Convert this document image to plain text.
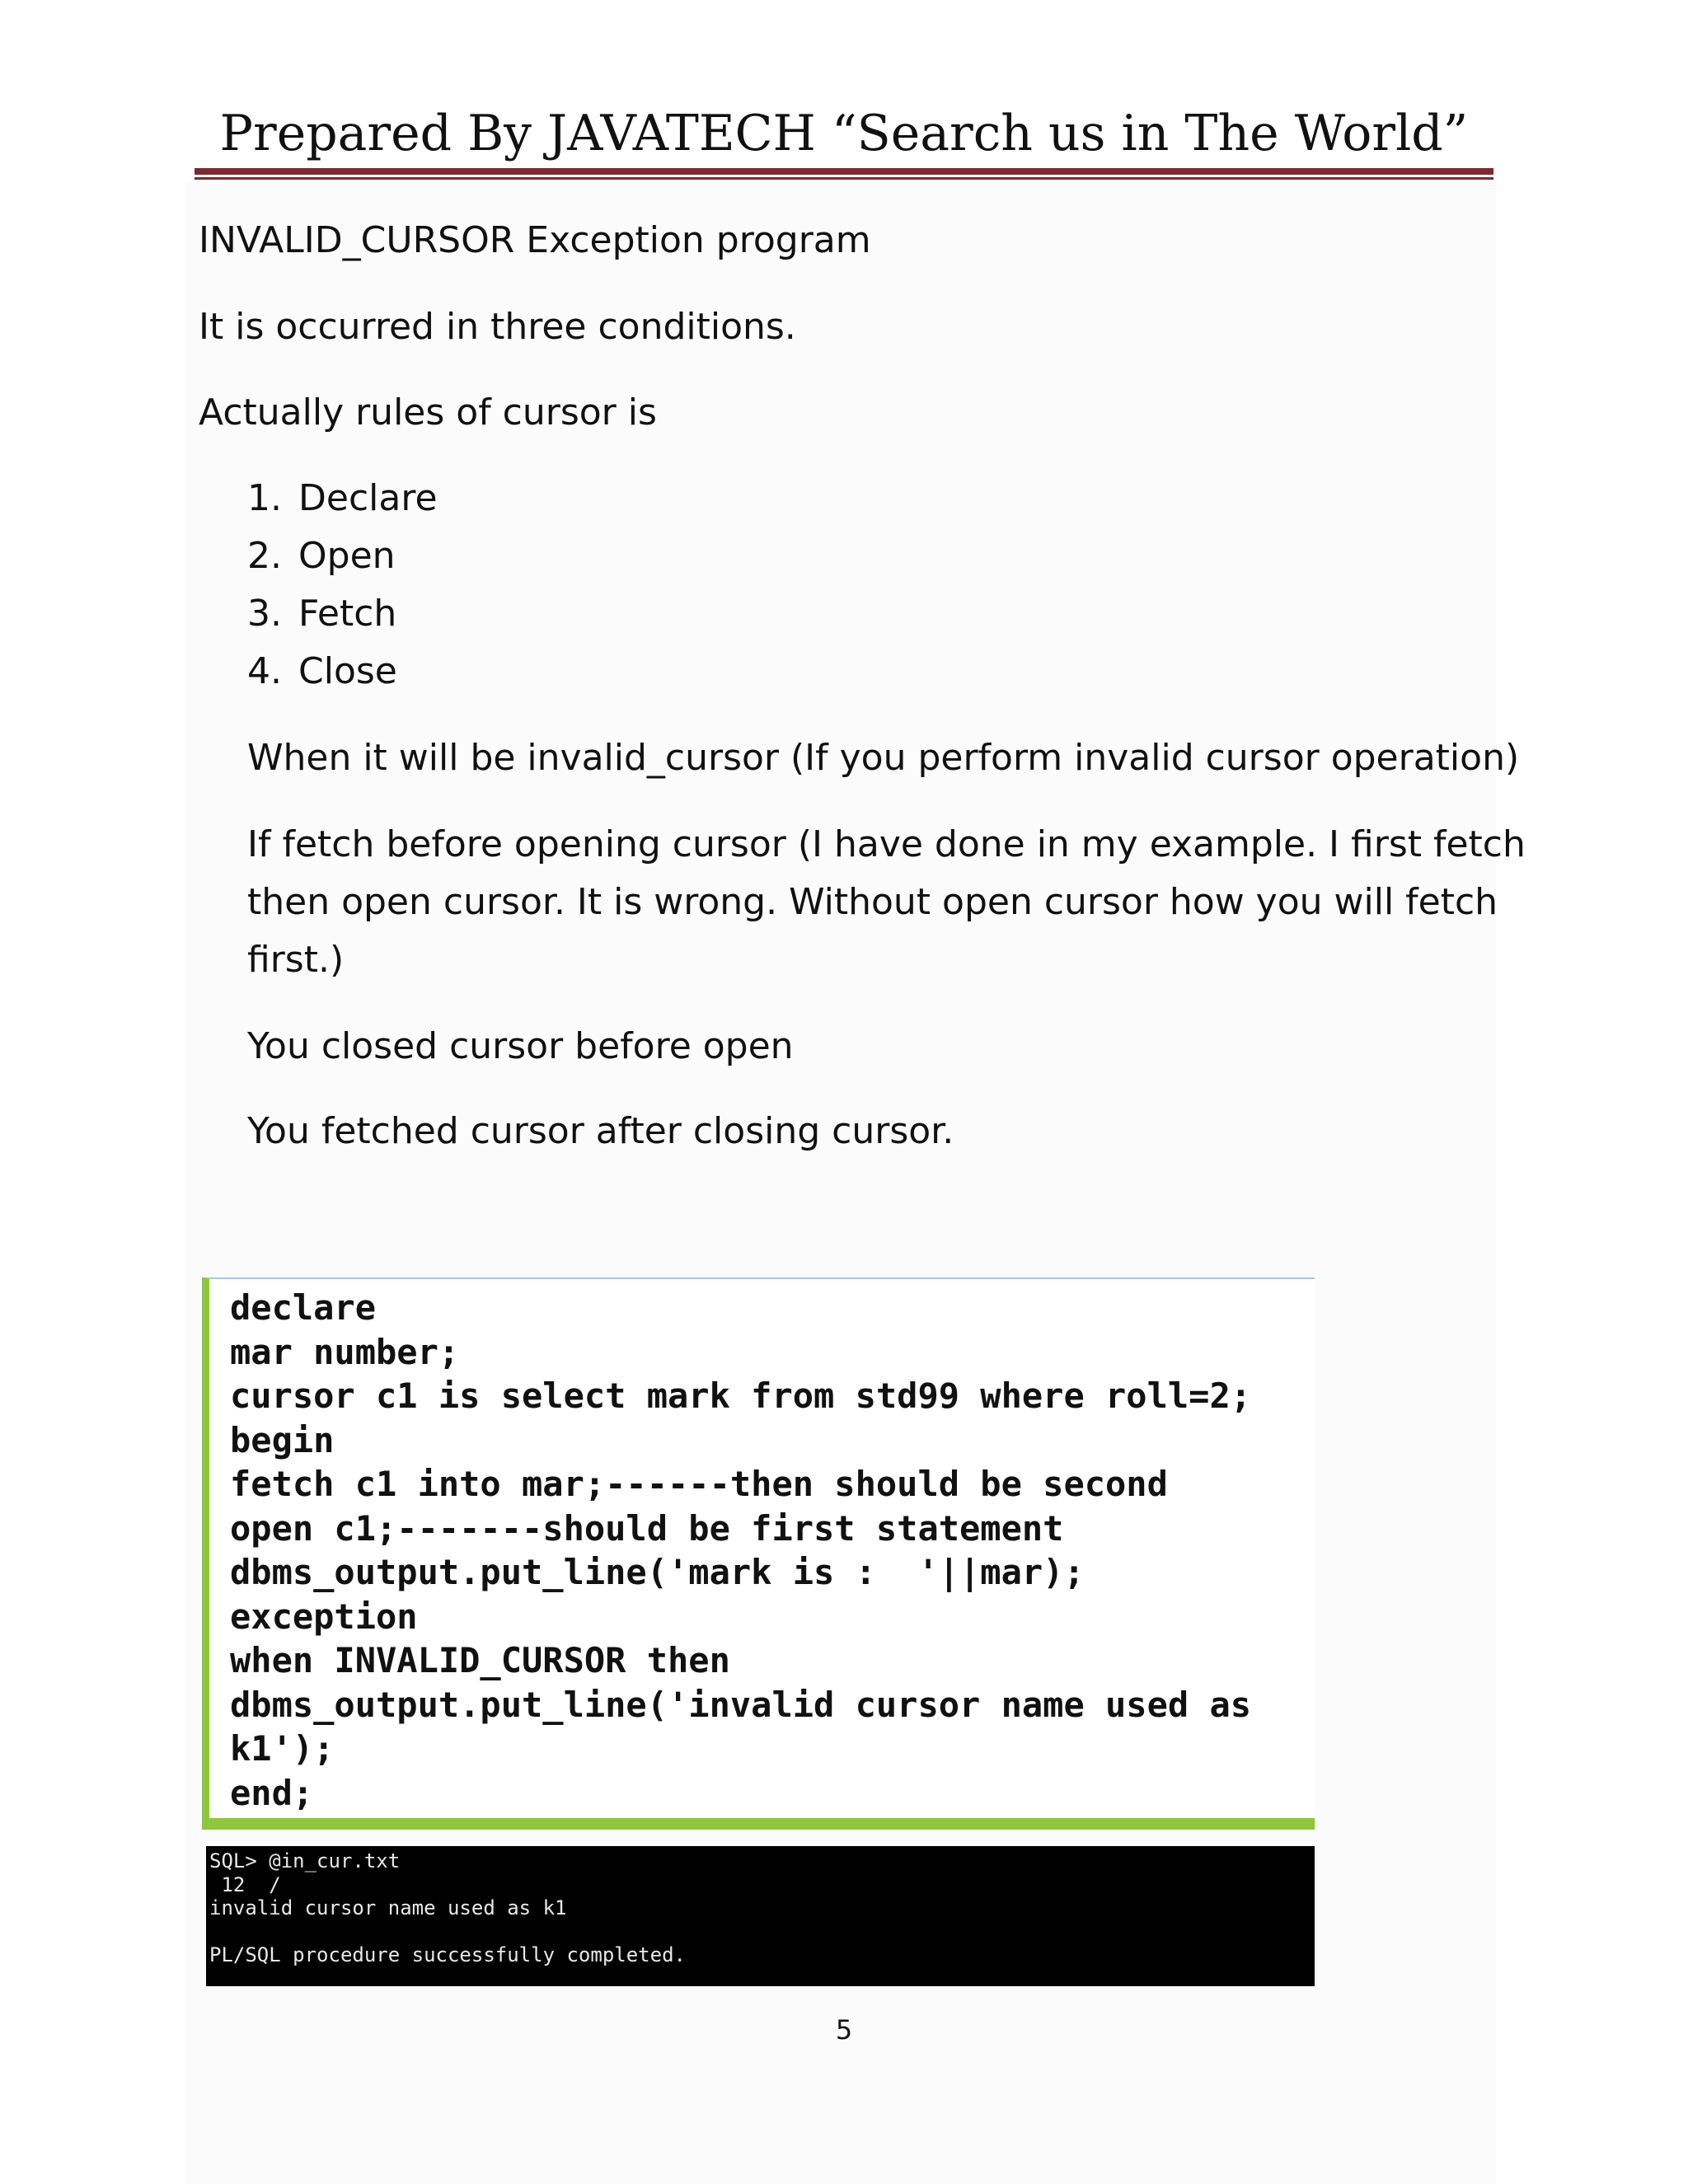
Prepared By JAVATECH “Search us in The World”

INVALID_CURSOR Exception program

It is occurred in three conditions.

Actually rules of cursor is

1. Declare
2. Open
3. Fetch
4. Close

When it will be invalid_cursor (If you perform invalid cursor operation)

If fetch before opening cursor (I have done in my example. I first fetch

then open cursor. It is wrong. Without open cursor how you will fetch

first.)

You closed cursor before open

You fetched cursor after closing cursor.

declare
mar number;
cursor c1 is select mark from std99 where roll=2;
begin
fetch c1 into mar;------then should be second
open c1;-------should be first statement
dbms_output.put_line('mark is :  '||mar);
exception
when INVALID_CURSOR then
dbms_output.put_line('invalid cursor name used as
k1');
end;
SQL> @in_cur.txt
12  /
invalid cursor name used as k1

PL/SQL procedure successfully completed.
5
